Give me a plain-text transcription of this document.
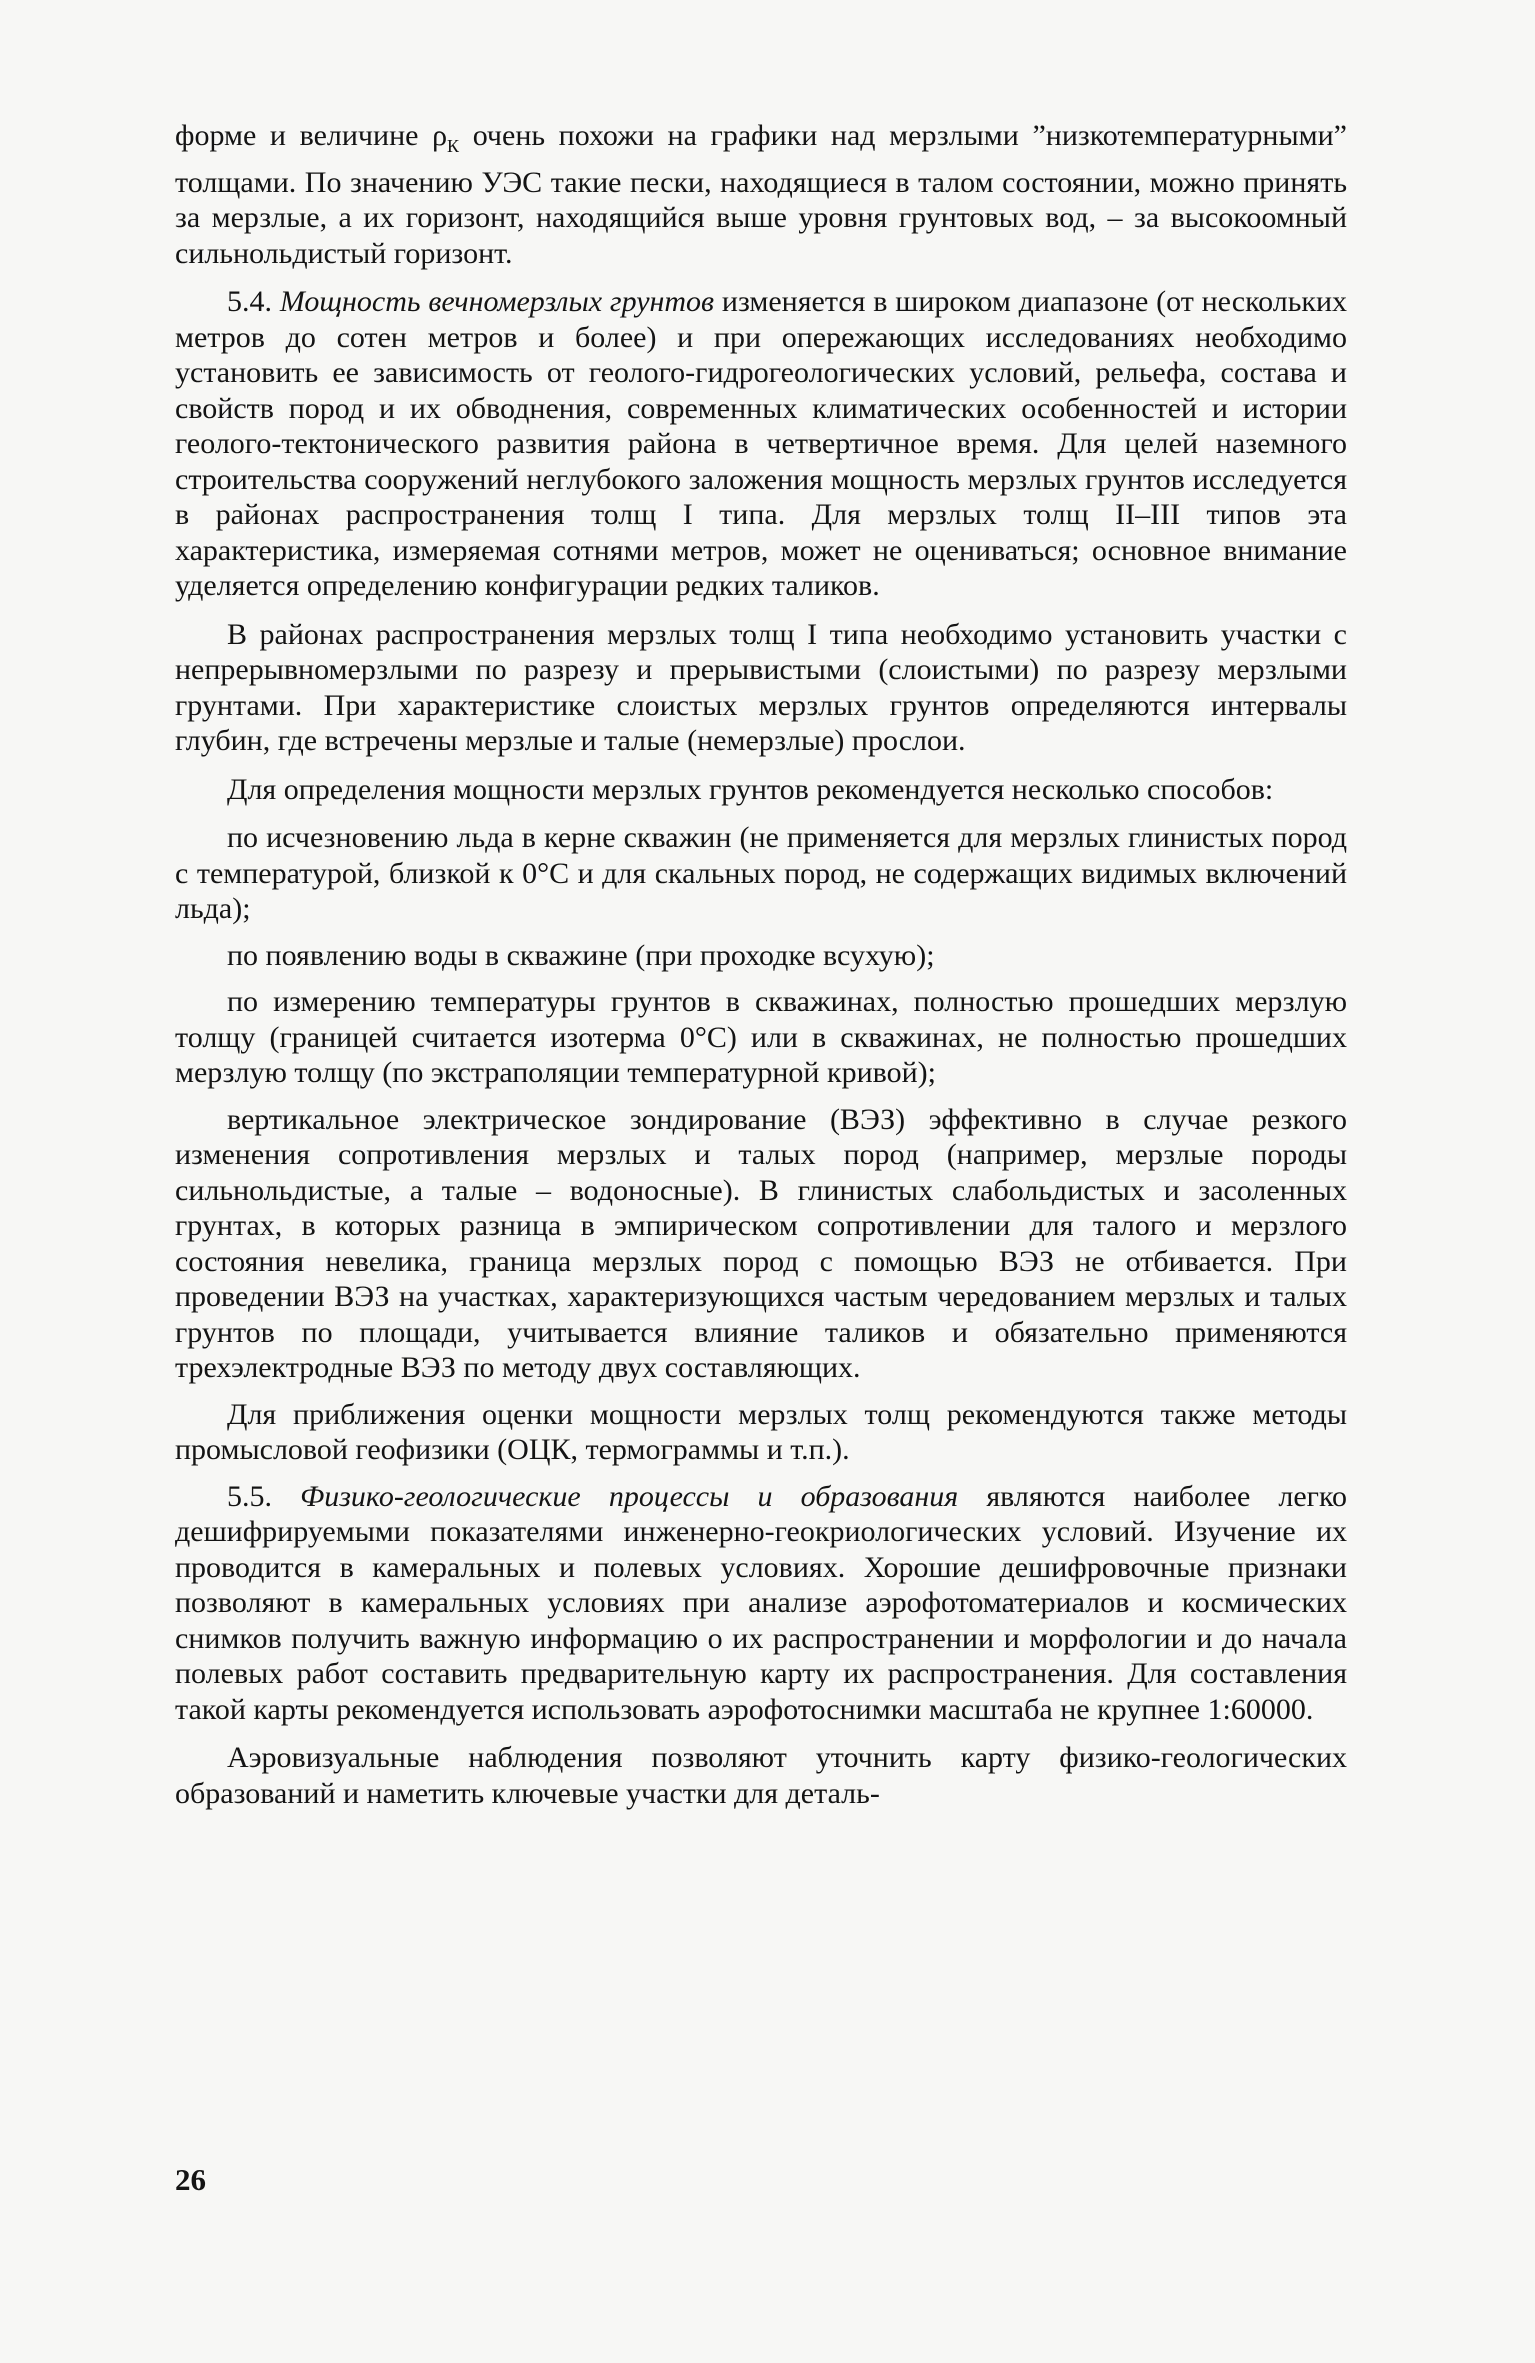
форме и величине $\rho_К$ очень похожи на графики над мерзлыми ”низкотемпературными” толщами. По значению УЭС такие пески, находящиеся в талом состоянии, можно принять за мерзлые, а их горизонт, находящийся выше уровня грунтовых вод, – за высокоомный сильнольдистый горизонт.

5.4. Мощность вечномерзлых грунтов изменяется в широком диапазоне (от нескольких метров до сотен метров и более) и при опережающих исследованиях необходимо установить ее зависимость от геолого-гидрогеологических условий, рельефа, состава и свойств пород и их обводнения, современных климатических особенностей и истории геолого-тектонического развития района в четвертичное время. Для целей наземного строительства сооружений неглубокого заложения мощность мерзлых грунтов исследуется в районах распространения толщ I типа. Для мерзлых толщ II–III типов эта характеристика, измеряемая сотнями метров, может не оцениваться; основное внимание уделяется определению конфигурации редких таликов.

В районах распространения мерзлых толщ I типа необходимо установить участки с непрерывномерзлыми по разрезу и прерывистыми (слоистыми) по разрезу мерзлыми грунтами. При характеристике слоистых мерзлых грунтов определяются интервалы глубин, где встречены мерзлые и талые (немерзлые) прослои.

Для определения мощности мерзлых грунтов рекомендуется несколько способов:

по исчезновению льда в керне скважин (не применяется для мерзлых глинистых пород с температурой, близкой к 0°С и для скальных пород, не содержащих видимых включений льда);

по появлению воды в скважине (при проходке всухую);

по измерению температуры грунтов в скважинах, полностью прошедших мерзлую толщу (границей считается изотерма 0°С) или в скважинах, не полностью прошедших мерзлую толщу (по экстраполяции температурной кривой);

вертикальное электрическое зондирование (ВЭЗ) эффективно в случае резкого изменения сопротивления мерзлых и талых пород (например, мерзлые породы сильнольдистые, а талые – водоносные). В глинистых слабольдистых и засоленных грунтах, в которых разница в эмпирическом сопротивлении для талого и мерзлого состояния невелика, граница мерзлых пород с помощью ВЭЗ не отбивается. При проведении ВЭЗ на участках, характеризующихся частым чередованием мерзлых и талых грунтов по площади, учитывается влияние таликов и обязательно применяются трехэлектродные ВЭЗ по методу двух составляющих.

Для приближения оценки мощности мерзлых толщ рекомендуются также методы промысловой геофизики (ОЦК, термограммы и т.п.).

5.5. Физико-геологические процессы и образования являются наиболее легко дешифрируемыми показателями инженерно-геокриологических условий. Изучение их проводится в камеральных и полевых условиях. Хорошие дешифровочные признаки позволяют в камеральных условиях при анализе аэрофотоматериалов и космических снимков получить важную информацию о их распространении и морфологии и до начала полевых работ составить предварительную карту их распространения. Для составления такой карты рекомендуется использовать аэрофотоснимки масштаба не крупнее 1:60000.

Аэровизуальные наблюдения позволяют уточнить карту физико-геологических образований и наметить ключевые участки для деталь-

26
